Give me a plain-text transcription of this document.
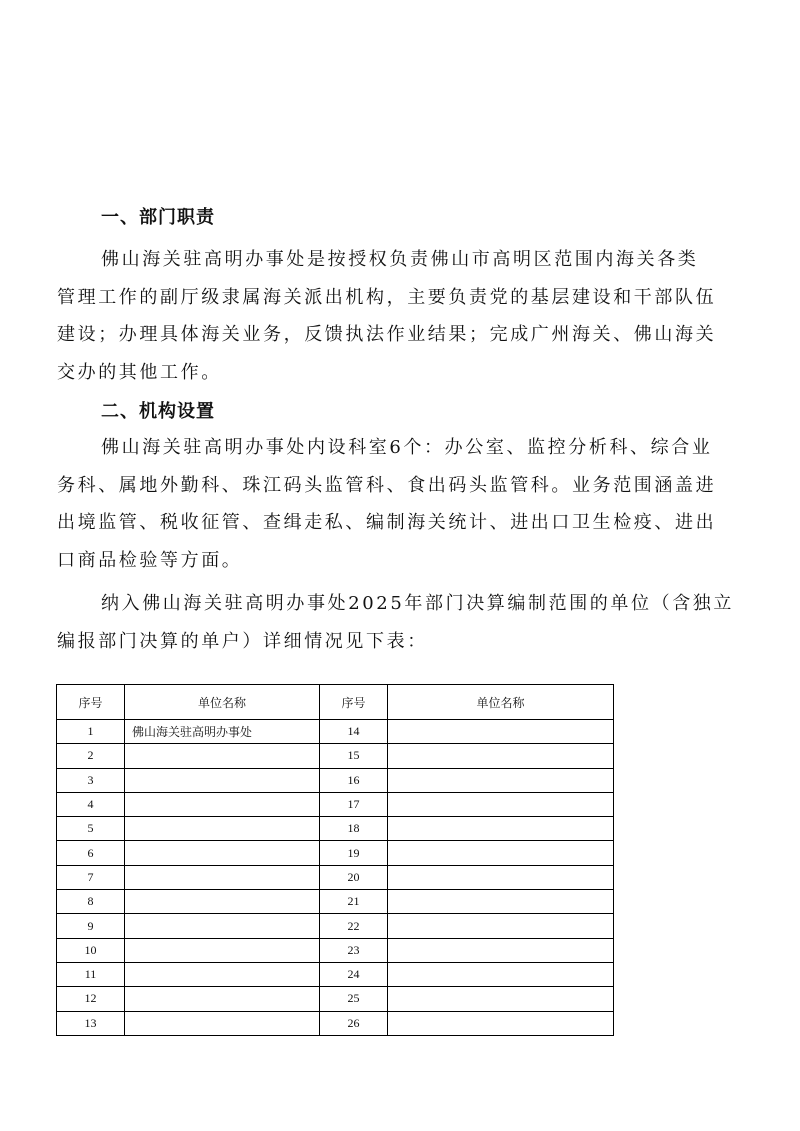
一、部门职责
佛山海关驻高明办事处是按授权负责佛山市高明区范围内海关各类
管理工作的副厅级隶属海关派出机构，主要负责党的基层建设和干部队伍
建设；办理具体海关业务，反馈执法作业结果；完成广州海关、佛山海关
交办的其他工作。
二、机构设置
佛山海关驻高明办事处内设科室6个：办公室、监控分析科、综合业
务科、属地外勤科、珠江码头监管科、食出码头监管科。业务范围涵盖进
出境监管、税收征管、查缉走私、编制海关统计、进出口卫生检疫、进出
口商品检验等方面。
纳入佛山海关驻高明办事处2025年部门决算编制范围的单位（含独立
编报部门决算的单户）详细情况见下表：
序号	单位名称	序号	单位名称
1	佛山海关驻高明办事处	14	
2		15	
3		16	
4		17	
5		18	
6		19	
7		20	
8		21	
9		22	
10		23	
11		24	
12		25	
13		26	
